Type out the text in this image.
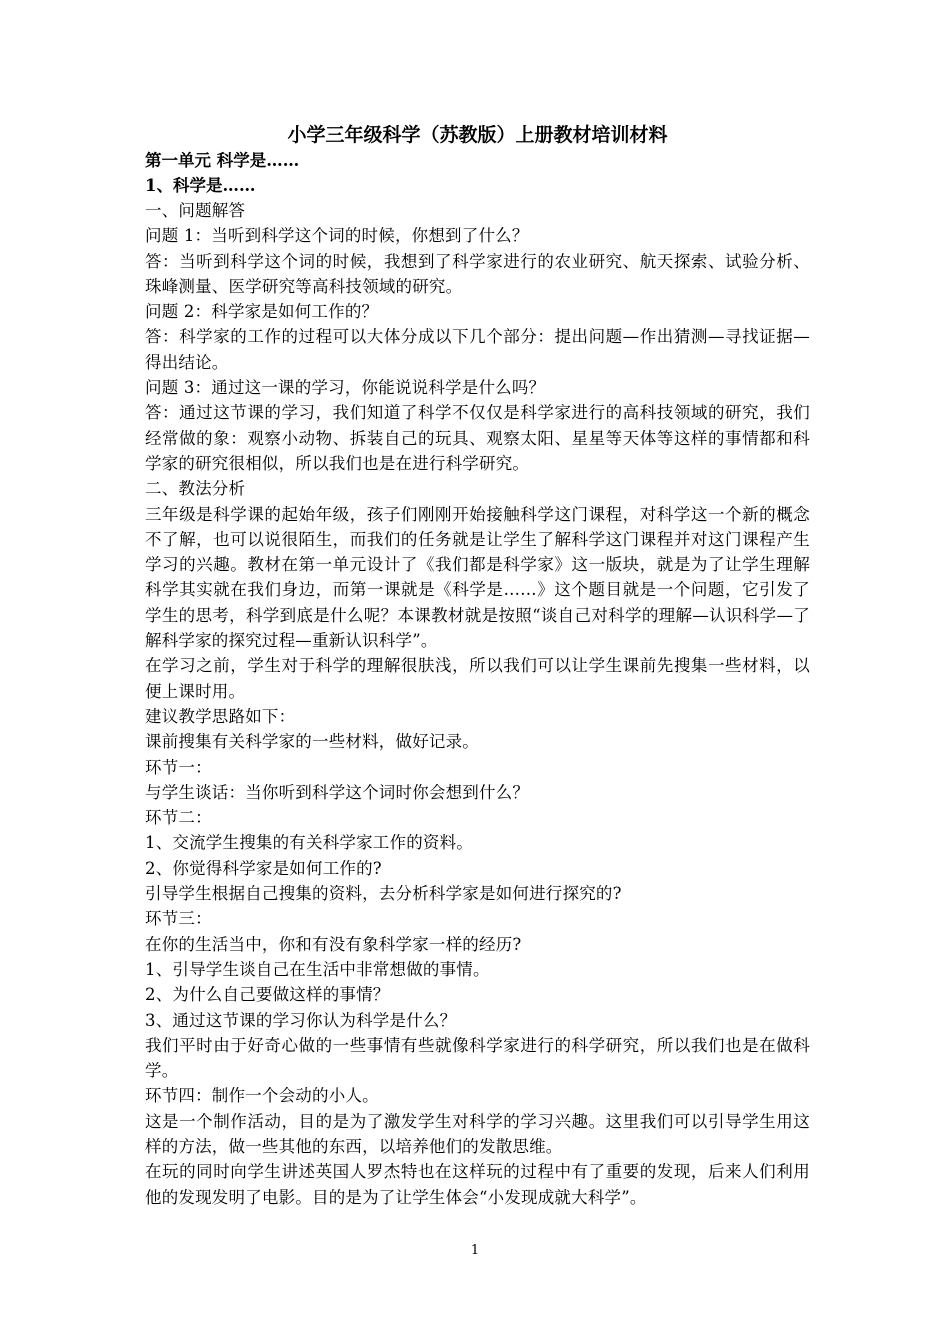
小学三年级科学（苏教版）上册教材培训材料

第一单元 科学是……

1、科学是……

一、问题解答

问题 1：当听到科学这个词的时候，你想到了什么？

答：当听到科学这个词的时候，我想到了科学家进行的农业研究、航天探索、试验分析、珠峰测量、医学研究等高科技领域的研究。

问题 2：科学家是如何工作的？

答：科学家的工作的过程可以大体分成以下几个部分：提出问题—作出猜测—寻找证据—得出结论。

问题 3：通过这一课的学习，你能说说科学是什么吗？

答：通过这节课的学习，我们知道了科学不仅仅是科学家进行的高科技领域的研究，我们经常做的象：观察小动物、拆装自己的玩具、观察太阳、星星等天体等这样的事情都和科学家的研究很相似，所以我们也是在进行科学研究。

二、教法分析

三年级是科学课的起始年级，孩子们刚刚开始接触科学这门课程，对科学这一个新的概念不了解，也可以说很陌生，而我们的任务就是让学生了解科学这门课程并对这门课程产生学习的兴趣。教材在第一单元设计了《我们都是科学家》这一版块，就是为了让学生理解科学其实就在我们身边，而第一课就是《科学是……》这个题目就是一个问题，它引发了学生的思考，科学到底是什么呢？本课教材就是按照“谈自己对科学的理解—认识科学—了解科学家的探究过程—重新认识科学”。

在学习之前，学生对于科学的理解很肤浅，所以我们可以让学生课前先搜集一些材料，以便上课时用。

建议教学思路如下：

课前搜集有关科学家的一些材料，做好记录。

环节一：

与学生谈话：当你听到科学这个词时你会想到什么？

环节二：

1、交流学生搜集的有关科学家工作的资料。

2、你觉得科学家是如何工作的?

引导学生根据自己搜集的资料，去分析科学家是如何进行探究的?

环节三：

在你的生活当中，你和有没有象科学家一样的经历?

1、引导学生谈自己在生活中非常想做的事情。

2、为什么自己要做这样的事情？

3、通过这节课的学习你认为科学是什么？

我们平时由于好奇心做的一些事情有些就像科学家进行的科学研究，所以我们也是在做科学。

环节四：制作一个会动的小人。

这是一个制作活动，目的是为了激发学生对科学的学习兴趣。这里我们可以引导学生用这样的方法，做一些其他的东西，以培养他们的发散思维。

在玩的同时向学生讲述英国人罗杰特也在这样玩的过程中有了重要的发现，后来人们利用他的发现发明了电影。目的是为了让学生体会“小发现成就大科学”。

1
